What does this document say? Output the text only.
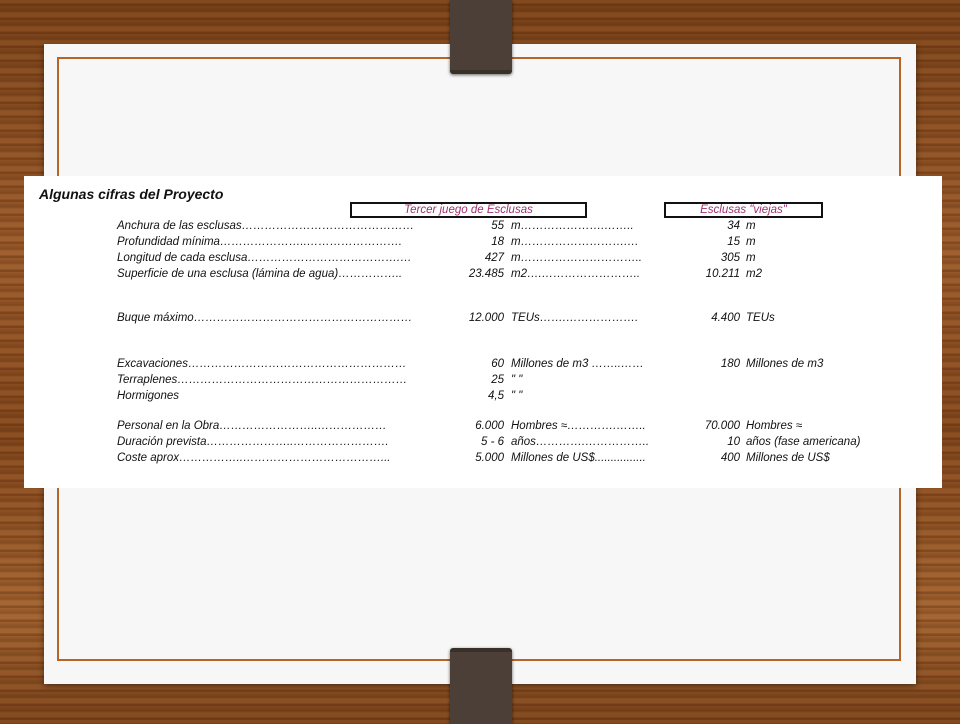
Algunas cifras del Proyecto
Tercer juego de Esclusas	Esclusas "viejas"
Anchura de las esclusas………………………………………	55 m………………….……..	34 m
Profundidad mínima…………………..…………………….	18 m……………………….…	15 m
Longitud de cada esclusa………………………………….…	427 m…………………………..	305 m
Superficie de una esclusa (lámina de agua)……………..	23.485 m2….……………………..	10.211 m2
Buque máximo…………………………………………………	12.000 TEUs…….……………….	4.400 TEUs
Excavaciones…………………………………………………	60 Millones de m3 ……..……	180 Millones de m3
Terraplenes……………………………………………………	25 " "
Hormigones	4,5 " "
Personal en la Obra……………………..………………	6.000 Hombres ≈………….……..	70.000 Hombres ≈
Duración prevista…………………..…………………….	5 - 6 años………….……………..	10 años (fase americana)
Coste aprox……………..………………………………...	5.000 Millones de US$................	400 Millones de US$
